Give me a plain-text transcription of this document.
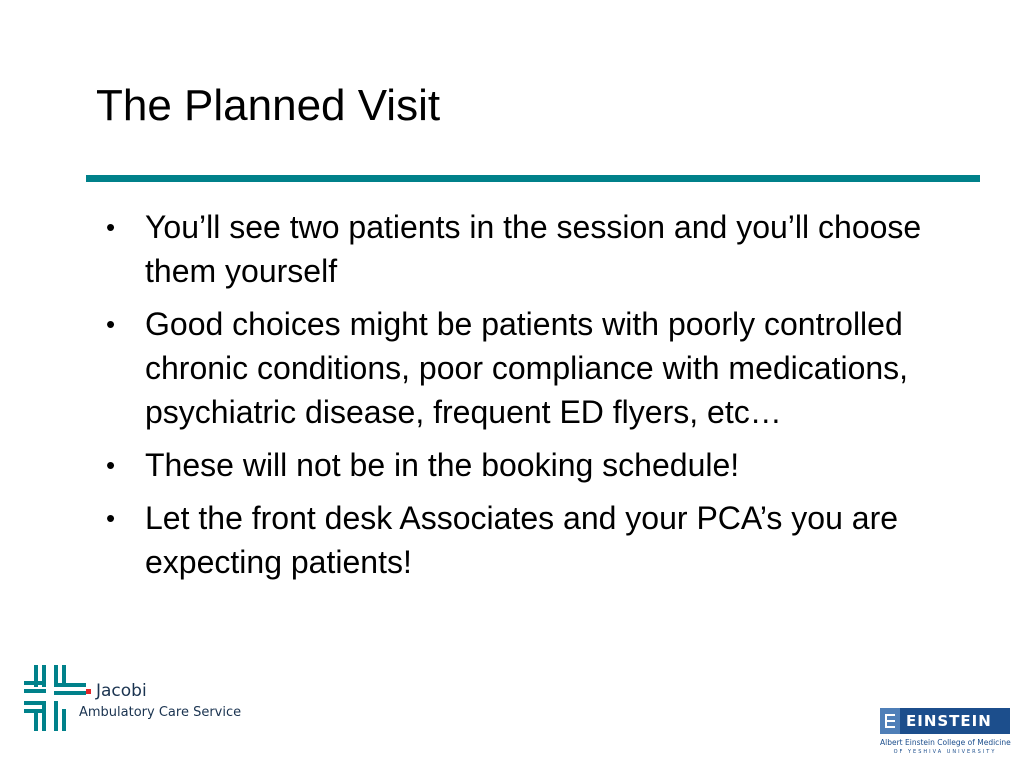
The Planned Visit
• You’ll see two patients in the session and you’ll choose them yourself
• Good choices might be patients with poorly controlled chronic conditions, poor compliance with medications, psychiatric disease, frequent ED flyers, etc…
• These will not be in the booking schedule!
• Let the front desk Associates and your PCA’s you are expecting patients!
Jacobi
Ambulatory Care Service	EINSTEIN
Albert Einstein College of Medicine
OF YESHIVA UNIVERSITY
